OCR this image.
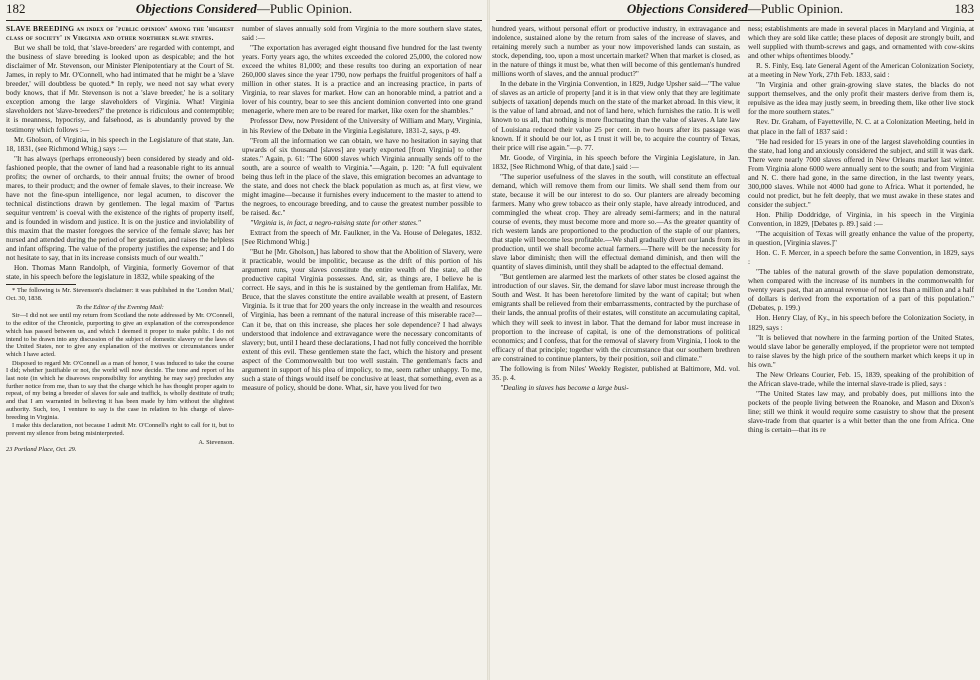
182	Objections Considered—Public Opinion.

SLAVE BREEDING an index of 'public opinion' among the 'highest class of society' in Virginia and other northern slave states.

But we shall be told, that 'slave-breeders' are regarded with contempt, and the business of slave breeding is looked upon as despicable; and the hot disclaimer of Mr. Stevenson, our Minister Plenipotentiary at the Court of St. James, in reply to Mr. O'Connell, who had intimated that he might be a 'slave breeder,' will doubtless be quoted.* In reply, we need not say what every body knows, that if Mr. Stevenson is not a 'slave breeder,' he is a solitary exception among the large slaveholders of Virginia. What! Virginia slaveholders not 'slave-breeders?' the pretence is ridiculous and contemptible; it is meanness, hypocrisy, and falsehood, as is abundantly proved by the testimony which follows :—

Mr. Gholson, of Virginia, in his speech in the Legislature of that state, Jan. 18, 1831, (see Richmond Whig,) says :—

"It has always (perhaps erroneously) been considered by steady and old-fashioned people, that the owner of land had a reasonable right to its annual profits; the owner of orchards, to their annual fruits; the owner of brood mares, to their product; and the owner of female slaves, to their increase. We have not the fine-spun intelligence, nor legal acumen, to discover the technical distinctions drawn by gentlemen. The legal maxim of 'Partus sequitur ventrem' is coeval with the existence of the rights of property itself, and is founded in wisdom and justice. It is on the justice and inviolability of this maxim that the master foregoes the service of the female slave; has her nursed and attended during the period of her gestation, and raises the helpless and infant offspring. The value of the property justifies the expense; and I do not hesitate to say, that in its increase consists much of our wealth."

Hon. Thomas Mann Randolph, of Virginia, formerly Governor of that state, in his speech before the legislature in 1832, while speaking of the

* The following is Mr. Stevenson's disclaimer: it was published in the 'London Mail,' Oct. 30, 1838.

To the Editor of the Evening Mail:

Sir—I did not see until my return from Scotland the note addressed by Mr. O'Connell, to the editor of the Chronicle, purporting to give an explanation of the correspondence which has passed between us, and which I deemed it proper to make public. I do not intend to be drawn into any discussion of the subject of domestic slavery or the laws of the United States, nor to give any explanation of the motives or circumstances under which I have acted.

Disposed to regard Mr. O'Connell as a man of honor, I was induced to take the course I did; whether justifiable or not, the world will now decide. The tone and report of his last note (in which he disavows responsibility for anything he may say) precludes any further notice from me, than to say that the charge which he has thought proper again to repeat, of my being a breeder of slaves for sale and traffick, is wholly destitute of truth; and that I am warranted in believing it has been made by him without the slightest authority. Such, too, I venture to say is the case in relation to his charge of slave-breeding in Virginia.

I make this declaration, not because I admit Mr. O'Connell's right to call for it, but to prevent my silence from being misinterpreted.

A. Stevenson.
23 Portland Place, Oct. 29.

number of slaves annually sold from Virginia to the more southern slave states, said :—

"The exportation has averaged eight thousand five hundred for the last twenty years. Forty years ago, the whites exceeded the colored 25,000, the colored now exceed the whites 81,000; and these results too during an exportation of near 260,000 slaves since the year 1790, now perhaps the fruitful progenitors of half a million in other states. It is a practice and an increasing practice, in parts of Virginia, to rear slaves for market. How can an honorable mind, a patriot and a lover of his country, bear to see this ancient dominion converted into one grand menagerie, where men are to be reared for market, like oxen for the shambles."

Professor Dew, now President of the University of William and Mary, Virginia, in his Review of the Debate in the Virginia Legislature, 1831-2, says, p 49.

"From all the information we can obtain, we have no hesitation in saying that upwards of six thousand [slaves] are yearly exported [from Virginia] to other states." Again, p. 61: "The 6000 slaves which Virginia annually sends off to the south, are a source of wealth to Virginia."—Again, p. 120: "A full equivalent being thus left in the place of the slave, this emigration becomes an advantage to the state, and does not check the black population as much as, at first view, we might imagine—because it furnishes every inducement to the master to attend to the negroes, to encourage breeding, and to cause the greatest number possible to be raised. &c."

"Virginia is, in fact, a negro-raising state for other states."

Extract from the speech of Mr. Faulkner, in the Va. House of Delegates, 1832. [See Richmond Whig.]

"But he [Mr. Gholson,] has labored to show that the Abolition of Slavery, were it practicable, would be impolitic, because as the drift of this portion of his argument runs, your slaves constitute the entire wealth of the state, all the productive capital Virginia possesses. And, sir, as things are, I believe he is correct. He says, and in this he is sustained by the gentleman from Halifax, Mr. Bruce, that the slaves constitute the entire available wealth at present, of Eastern Virginia. Is it true that for 200 years the only increase in the wealth and resources of Virginia, has been a remnant of the natural increase of this miserable race?—Can it be, that on this increase, she places her sole dependence? I had always understood that indolence and extravagance were the necessary concomitants of slavery; but, until I heard these declarations, I had not fully conceived the horrible extent of this evil. These gentlemen state the fact, which the history and present aspect of the Commonwealth but too well sustain. The gentleman's facts and argument in support of his plea of impolicy, to me, seem rather unhappy. To me, such a state of things would itself be conclusive at least, that something, even as a measure of policy, should be done. What, sir, have you lived for two

Objections Considered—Public Opinion.	183

hundred years, without personal effort or productive industry, in extravagance and indolence, sustained alone by the return from sales of the increase of slaves, and retaining merely such a number as your now impoverished lands can sustain, as stock, depending, too, upon a most uncertain market? When that market is closed, as in the nature of things it must be, what then will become of this gentleman's hundred millions worth of slaves, and the annual product?"

In the debate in the Virginia Convention, in 1829, Judge Upsher said—"The value of slaves as an article of property [and it is in that view only that they are legitimate subjects of taxation] depends much on the state of the market abroad. In this view, it is the value of land abroad, and not of land here, which furnishes the ratio. It is well known to us all, that nothing is more fluctuating than the value of slaves. A late law of Louisiana reduced their value 25 per cent. in two hours after its passage was known. If it should be our lot, as I trust it will be, to acquire the country of Texas, their price will rise again."—p. 77.

Mr. Goode, of Virginia, in his speech before the Virginia Legislature, in Jan. 1832, [See Richmond Whig, of that date,] said :—

"The superior usefulness of the slaves in the south, will constitute an effectual demand, which will remove them from our limits. We shall send them from our state, because it will be our interest to do so. Our planters are already becoming farmers. Many who grew tobacco as their only staple, have already introduced, and commingled the wheat crop. They are already semi-farmers; and in the natural course of events, they must become more and more so.—As the greater quantity of rich western lands are proportioned to the production of the staple of our planters, that staple will become less profitable.—We shall gradually divert our lands from its production, until we shall become actual farmers.—There will be the necessity for slave labor diminish; then will the effectual demand diminish, and then will the quantity of slaves diminish, until they shall be adapted to the effectual demand.

"But gentlemen are alarmed lest the markets of other states be closed against the introduction of our slaves. Sir, the demand for slave labor must increase through the South and West. It has been heretofore limited by the want of capital; but when emigrants shall be relieved from their embarrassments, contracted by the purchase of their lands, the annual profits of their estates, will constitute an accumulating capital, which they will seek to invest in labor. That the demand for labor must increase in proportion to the increase of capital, is one of the demonstrations of political economics; and I confess, that for the removal of slavery from Virginia, I look to the efficacy of that principle; together with the circumstance that our southern brethren are constrained to continue planters, by their position, soil and climate."

The following is from Niles' Weekly Register, published at Baltimore, Md. vol. 35. p. 4.

"Dealing in slaves has become a large busi-

ness; establishments are made in several places in Maryland and Virginia, at which they are sold like cattle; these places of deposit are strongly built, and well supplied with thumb-screws and gags, and ornamented with cow-skins and other whips oftentimes bloody."

R. S. Finly, Esq. late General Agent of the American Colonization Society, at a meeting in New York, 27th Feb. 1833, said :

"In Virginia and other grain-growing slave states, the blacks do not support themselves, and the only profit their masters derive from them is, repulsive as the idea may justly seem, in breeding them, like other live stock for the more southern states."

Rev. Dr. Graham, of Fayetteville, N. C. at a Colonization Meeting, held in that place in the fall of 1837 said :

"He had resided for 15 years in one of the largest slaveholding counties in the state, had long and anxiously considered the subject, and still it was dark. There were nearly 7000 slaves offered in New Orleans market last winter. From Virginia alone 6000 were annually sent to the south; and from Virginia and N. C. there had gone, in the same direction, in the last twenty years, 300,000 slaves. While not 4000 had gone to Africa. What it portended, he could not predict, but he felt deeply, that we must awake in these states and consider the subject."

Hon. Philip Doddridge, of Virginia, in his speech in the Virginia Convention, in 1829, [Debates p. 89.] said :—

"The acquisition of Texas will greatly enhance the value of the property, in question, [Virginia slaves.]"

Hon. C. F. Mercer, in a speech before the same Convention, in 1829, says :

"The tables of the natural growth of the slave population demonstrate, when compared with the increase of its numbers in the commonwealth for twenty years past, that an annual revenue of not less than a million and a half of dollars is derived from the exportation of a part of this population." (Debates, p. 199.)

Hon. Henry Clay, of Ky., in his speech before the Colonization Society, in 1829, says :

"It is believed that nowhere in the farming portion of the United States, would slave labor be generally employed, if the proprietor were not tempted to raise slaves by the high price of the southern market which keeps it up in his own."

The New Orleans Courier, Feb. 15, 1839, speaking of the prohibition of the African slave-trade, while the internal slave-trade is plied, says :

"The United States law may, and probably does, put millions into the pockets of the people living between the Roanoke, and Mason and Dixon's line; still we think it would require some casuistry to show that the present slave-trade from that quarter is a whit better than the one from Africa. One thing is certain—that its re
